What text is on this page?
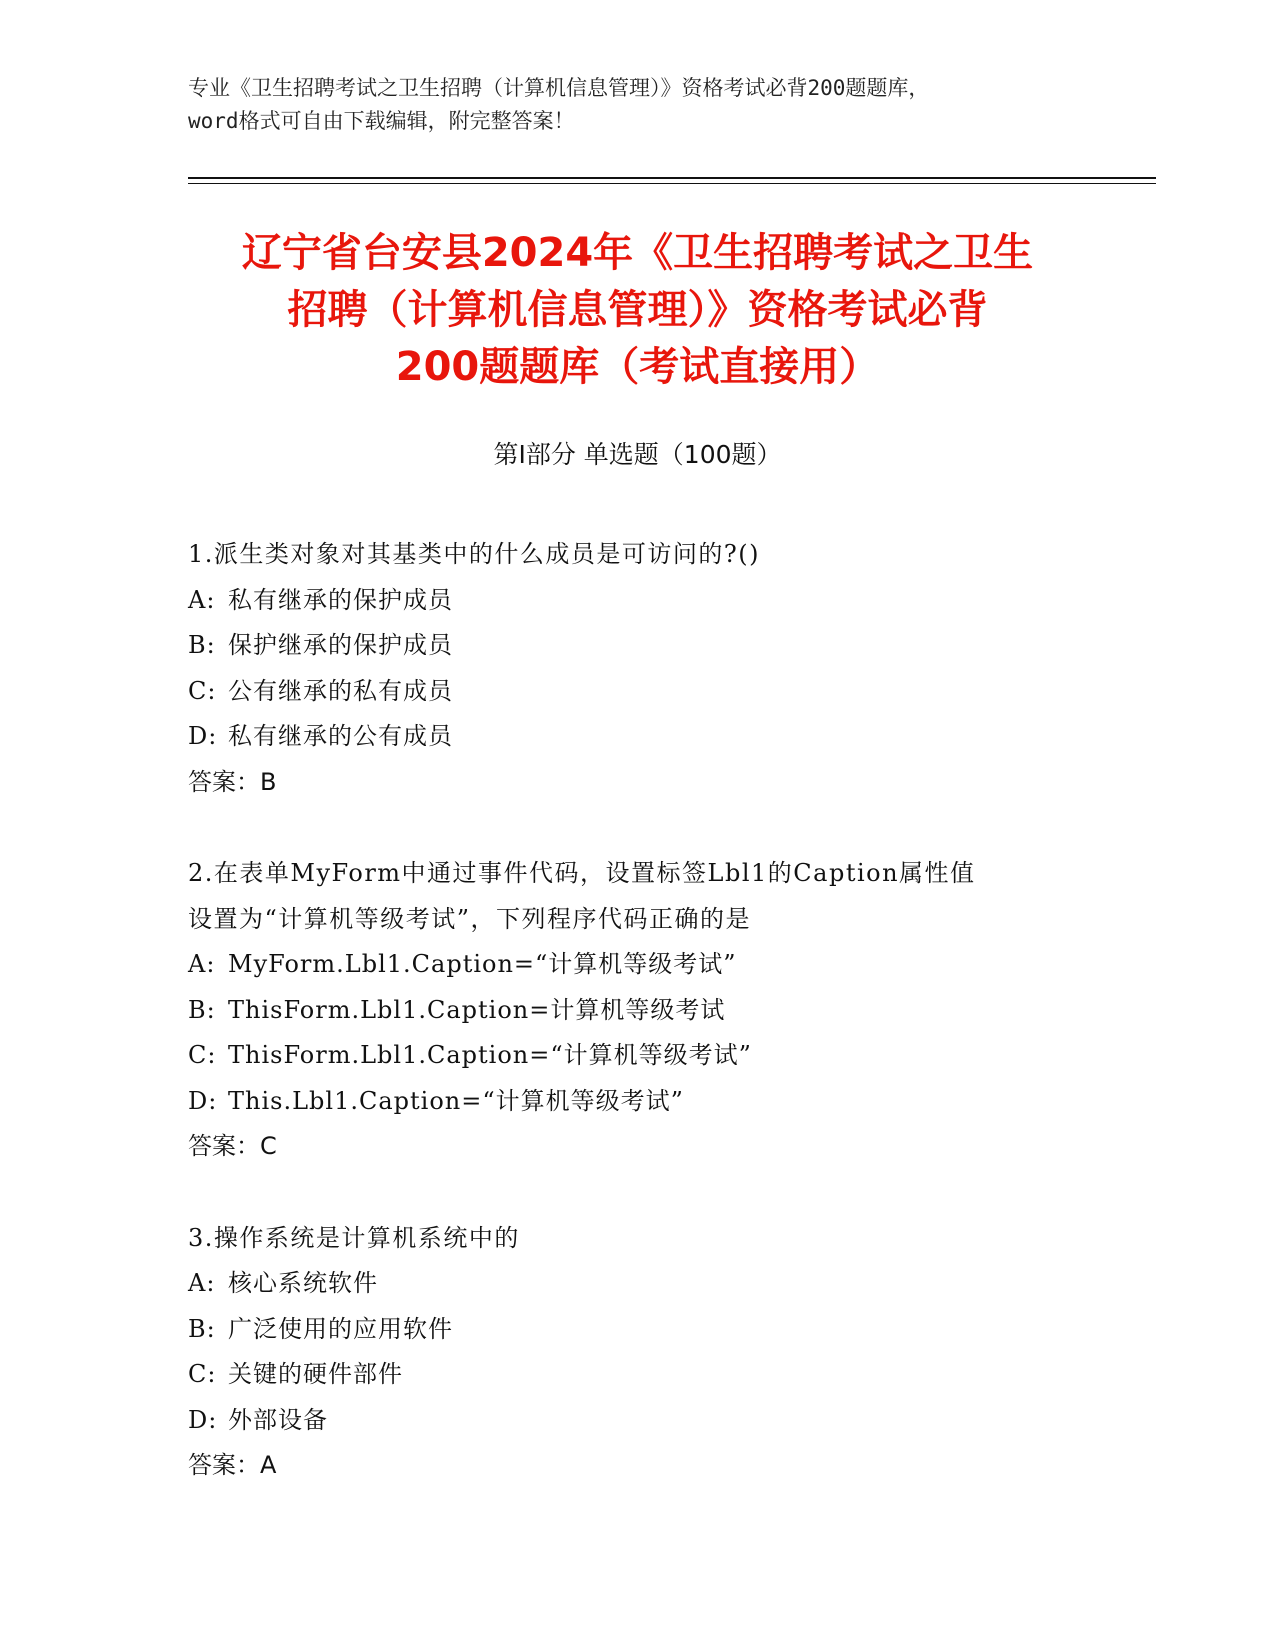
专业《卫生招聘考试之卫生招聘（计算机信息管理）》资格考试必背200题题库，
word格式可自由下载编辑，附完整答案！
辽宁省台安县2024年《卫生招聘考试之卫生
招聘（计算机信息管理）》资格考试必背
200题题库（考试直接用）
第Ⅰ部分 单选题（100题）
1.派生类对象对其基类中的什么成员是可访问的?()
A: 私有继承的保护成员
B: 保护继承的保护成员
C: 公有继承的私有成员
D: 私有继承的公有成员
答案：B
2.在表单MyForm中通过事件代码，设置标签Lbl1的Caption属性值
设置为“计算机等级考试”，下列程序代码正确的是
A: MyForm.Lbl1.Caption=“计算机等级考试”
B: ThisForm.Lbl1.Caption=计算机等级考试
C: ThisForm.Lbl1.Caption=“计算机等级考试”
D: This.Lbl1.Caption=“计算机等级考试”
答案：C
3.操作系统是计算机系统中的
A: 核心系统软件
B: 广泛使用的应用软件
C: 关键的硬件部件
D: 外部设备
答案：A
